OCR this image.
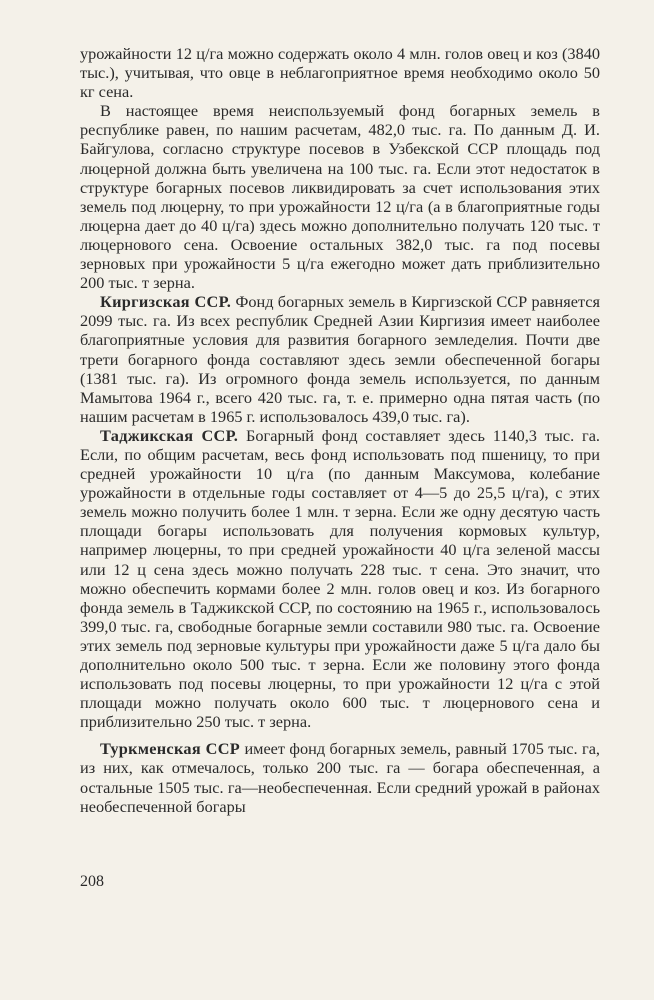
урожайности 12 ц/га можно содержать около 4 млн. голов овец и коз (3840 тыс.), учитывая, что овце в неблагоприятное время необходимо около 50 кг сена.

В настоящее время неиспользуемый фонд богарных земель в республике равен, по нашим расчетам, 482,0 тыс. га. По данным Д. И. Байгулова, согласно структуре посевов в Узбекской ССР площадь под люцерной должна быть увеличена на 100 тыс. га. Если этот недостаток в структуре богарных посевов ликвидировать за счет использования этих земель под люцерну, то при урожайности 12 ц/га (а в благоприятные годы люцерна дает до 40 ц/га) здесь можно дополнительно получать 120 тыс. т люцернового сена. Освоение остальных 382,0 тыс. га под посевы зерновых при урожайности 5 ц/га ежегодно может дать приблизительно 200 тыс. т зерна.

Киргизская ССР. Фонд богарных земель в Киргизской ССР равняется 2099 тыс. га. Из всех республик Средней Азии Киргизия имеет наиболее благоприятные условия для развития богарного земледелия. Почти две трети богарного фонда составляют здесь земли обеспеченной богары (1381 тыс. га). Из огромного фонда земель используется, по данным Мамытова 1964 г., всего 420 тыс. га, т. е. примерно одна пятая часть (по нашим расчетам в 1965 г. использовалось 439,0 тыс. га).

Таджикская ССР. Богарный фонд составляет здесь 1140,3 тыс. га. Если, по общим расчетам, весь фонд использовать под пшеницу, то при средней урожайности 10 ц/га (по данным Максумова, колебание урожайности в отдельные годы составляет от 4—5 до 25,5 ц/га), с этих земель можно получить более 1 млн. т зерна. Если же одну десятую часть площади богары использовать для получения кормовых культур, например люцерны, то при средней урожайности 40 ц/га зеленой массы или 12 ц сена здесь можно получать 228 тыс. т сена. Это значит, что можно обеспечить кормами более 2 млн. голов овец и коз. Из богарного фонда земель в Таджикской ССР, по состоянию на 1965 г., использовалось 399,0 тыс. га, свободные богарные земли составили 980 тыс. га. Освоение этих земель под зерновые культуры при урожайности даже 5 ц/га дало бы дополнительно около 500 тыс. т зерна. Если же половину этого фонда использовать под посевы люцерны, то при урожайности 12 ц/га с этой площади можно получать около 600 тыс. т люцернового сена и приблизительно 250 тыс. т зерна.

Туркменская ССР имеет фонд богарных земель, равный 1705 тыс. га, из них, как отмечалось, только 200 тыс. га — богара обеспеченная, а остальные 1505 тыс. га—необеспеченная. Если средний урожай в районах необеспеченной богары

208
